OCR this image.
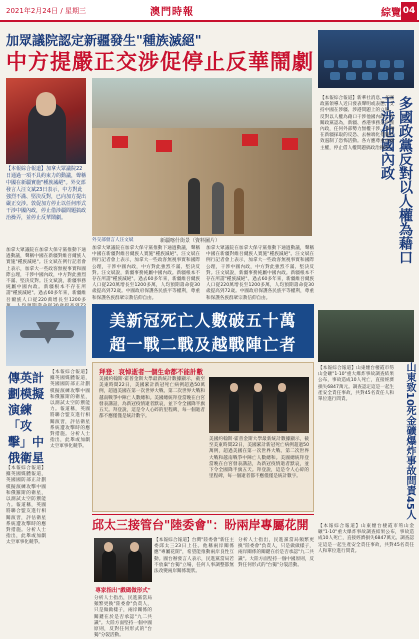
2021年2月24日 / 星期三	澳門時報	綜覽 04
加眾議院認定新疆發生"種族滅絕"
中方提嚴正交涉促停止反華鬧劇
【本報綜合報道】加拿大眾議院22日通過一項不具約束力的動議，聲稱中國在新疆實施"種族滅絕"。外交部發言人汪文斌23日表示，中方對此強烈不滿、堅決反對，已向加方提出嚴正交涉。敦促加方停止以任何形式干涉中國內政，停止借涉疆問題搞政治操弄，並停止反華鬧劇。
新疆喀什街景（資料圖片）
加拿大眾議院在加拿大保守黨推動下通過動議，聲稱中國在新疆對維吾爾族人實施"種族滅絕"。汪文斌在例行記者會上表示，加拿大一些政客無視事實和國際公理，干涉中國內政，中方對此強烈不滿、堅決反對。汪文斌說，新疆事務純屬中國內政。新疆根本不存在所謂"種族滅絕"。過去60多年來，新疆維吾爾族人口從220萬增長至1200多
加拿大眾議院在加拿大保守黨推動下通過動議，聲稱中國在新疆對維吾爾族人實施"種族滅絕"。汪文斌在例行記者會上表示，加拿大一些政客無視事實和國際公理，干涉中國內政，中方對此強烈不滿、堅決反對。汪文斌說，新疆事務純屬中國內政。新疆根本不存在所謂"種族滅絕"。過去60多年來，新疆維吾爾族人口從220萬增長至1200多萬，人均預期壽命從30歲提高到72歲。中國政府保護各民族平等權利，尊重和保護各族群眾宗教信仰自由。
加拿大眾議院在加拿大保守黨推動下通過動議，聲稱中國在新疆對維吾爾族人實施"種族滅絕"。汪文斌在例行記者會上表示，加拿大一些政客無視事實和國際公理，干涉中國內政，中方對此強烈不滿、堅決反對。汪文斌說，新疆事務純屬中國內政。新疆根本不存在所謂"種族滅絕"。過去60多年來，新疆維吾爾族人口從220萬增長至1200多萬，人均預期壽命從30歲提高到72歲。中國政府保護各民族平等權利，尊重和保護各族群眾宗教信仰自由。
外交部發言人汪文斌	多國政黨反對以人權為藉口干涉他國內政
【本報綜合報道】新華社消息，多國政黨領導人近日發表聲明或表態，支持中國在涉疆、涉港問題上的立場，反對以人權為藉口干涉他國內政。有關政黨認為，新疆、香港事務是中國內政，任何外部勢力無權干涉。中國在新疆採取的反恐、去極端化措施有效遏制了恐怖活動。各方應尊重中國主權，停止借人權問題搞政治操弄。
美新冠死亡人數破五十萬
超一戰二戰及越戰陣亡者
傳英計劃模擬演練「攻擊」中俄衛星
【本報綜合報道】據英國媒體報道，英國國防部正計劃模擬演練攻擊中國和俄羅斯的衛星，以測試太空防禦能力。報道稱，英國將聯合盟友進行相關演習，評估衛星系統遭攻擊時的應對措施。分析人士指出，此舉或加劇太空軍事化競爭。
拜登：哀悼逝者一個生命都不能計數
美國約翰斯·霍普金斯大學最新統計數據顯示，截至美東時間22日，美國累計新冠死亡病例超過50萬例，超過美國在第一次世界大戰、第二次世界大戰和越南戰爭中陣亡人數總和。美國總統拜登當晚在白宮發表講話，為新冠疫情逝者默哀，並下令全國降半旗五天。拜登說，這是令人心碎的里程碑，每一個逝者都不應僅僅是統計數字。
美國約翰斯·霍普金斯大學最新統計數據顯示，截至美東時間22日，美國累計新冠死亡病例超過50萬例，超過美國在第一次世界大戰、第二次世界大戰和越南戰爭中陣亡人數總和。美國總統拜登當晚在白宮發表講話，為新冠疫情逝者默哀，並下令全國降半旗五天。拜登說，這是令人心碎的里程碑，每一個逝者都不應僅僅是統計數字。	山東致10死金礦爆炸事故問責45人
【本報綜合報道】山東煙台棲霞市笏山金礦"1·10"重大爆炸事故調查結果公布，事故造成10人死亡，直接經濟損失6847萬元。調查認定這是一起生產安全責任事故，共對45名責任人和單位進行問責。
邱太三接管台"陸委會"：盼兩岸專屬花開
專家指出"戲碼做形式"
分析人士指出，民進黨當局頻繁更換"陸委會"負責人，只是做做樣子，兩岸關係的關鍵在於是否承認"九二共識"。大陸方面堅持一個中國原則，反對任何形式的"台獨"分裂活動。
【本報綜合報道】台灣"陸委會"新任主委邱太三23日上任。他稱兩岸關係應"專屬花開"，希望能推動兩岸良性互動。國台辦發言人表示，民進黨當局若不放棄"台獨"立場，任何人事調整都無法改變兩岸關係現狀。
分析人士指出，民進黨當局頻繁更換"陸委會"負責人，只是做做樣子，兩岸關係的關鍵在於是否承認"九二共識"。大陸方面堅持一個中國原則，反對任何形式的"台獨"分裂活動。
【本報綜合報道】山東煙台棲霞市笏山金礦"1·10"重大爆炸事故調查結果公布，事故造成10人死亡，直接經濟損失6847萬元。調查認定這是一起生產安全責任事故，共對45名責任人和單位進行問責。
【本報綜合報道】據英國媒體報道，英國國防部正計劃模擬演練攻擊中國和俄羅斯的衛星，以測試太空防禦能力。報道稱，英國將聯合盟友進行相關演習，評估衛星系統遭攻擊時的應對措施。分析人士指出，此舉或加劇太空軍事化競爭。
